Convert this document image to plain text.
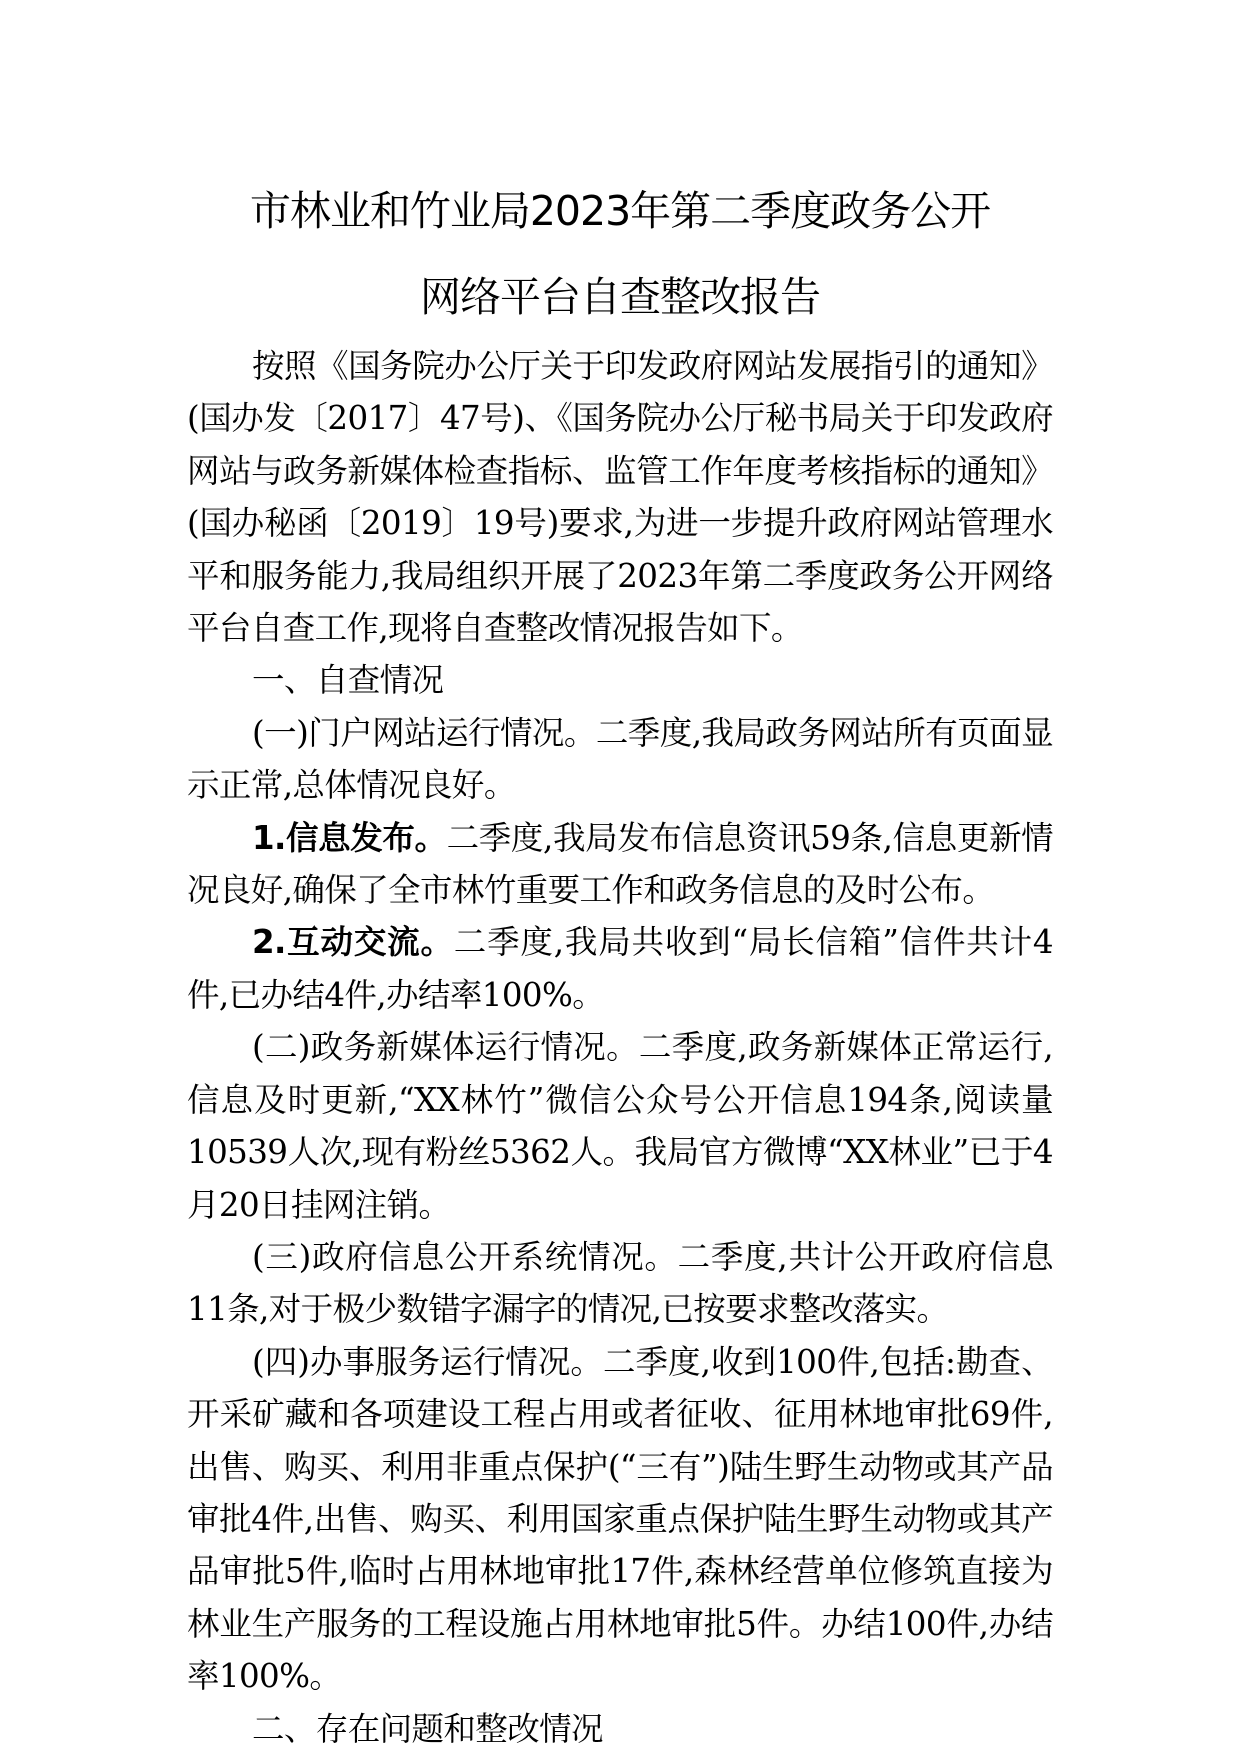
市林业和竹业局2023年第二季度政务公开
网络平台自查整改报告

按照《国务院办公厅关于印发政府网站发展指引的通知》(国办发〔2017〕47号)、《国务院办公厅秘书局关于印发政府网站与政务新媒体检查指标、监管工作年度考核指标的通知》(国办秘函〔2019〕19号)要求,为进一步提升政府网站管理水平和服务能力,我局组织开展了2023年第二季度政务公开网络平台自查工作,现将自查整改情况报告如下。

一、自查情况

(一)门户网站运行情况。二季度,我局政务网站所有页面显示正常,总体情况良好。

1.信息发布。二季度,我局发布信息资讯59条,信息更新情况良好,确保了全市林竹重要工作和政务信息的及时公布。

2.互动交流。二季度,我局共收到“局长信箱”信件共计4件,已办结4件,办结率100%。

(二)政务新媒体运行情况。二季度,政务新媒体正常运行,信息及时更新,“XX林竹”微信公众号公开信息194条,阅读量10539人次,现有粉丝5362人。我局官方微博“XX林业”已于4月20日挂网注销。

(三)政府信息公开系统情况。二季度,共计公开政府信息11条,对于极少数错字漏字的情况,已按要求整改落实。

(四)办事服务运行情况。二季度,收到100件,包括:勘查、开采矿藏和各项建设工程占用或者征收、征用林地审批69件,出售、购买、利用非重点保护(“三有”)陆生野生动物或其产品审批4件,出售、购买、利用国家重点保护陆生野生动物或其产品审批5件,临时占用林地审批17件,森林经营单位修筑直接为林业生产服务的工程设施占用林地审批5件。办结100件,办结率100%。

二、存在问题和整改情况
